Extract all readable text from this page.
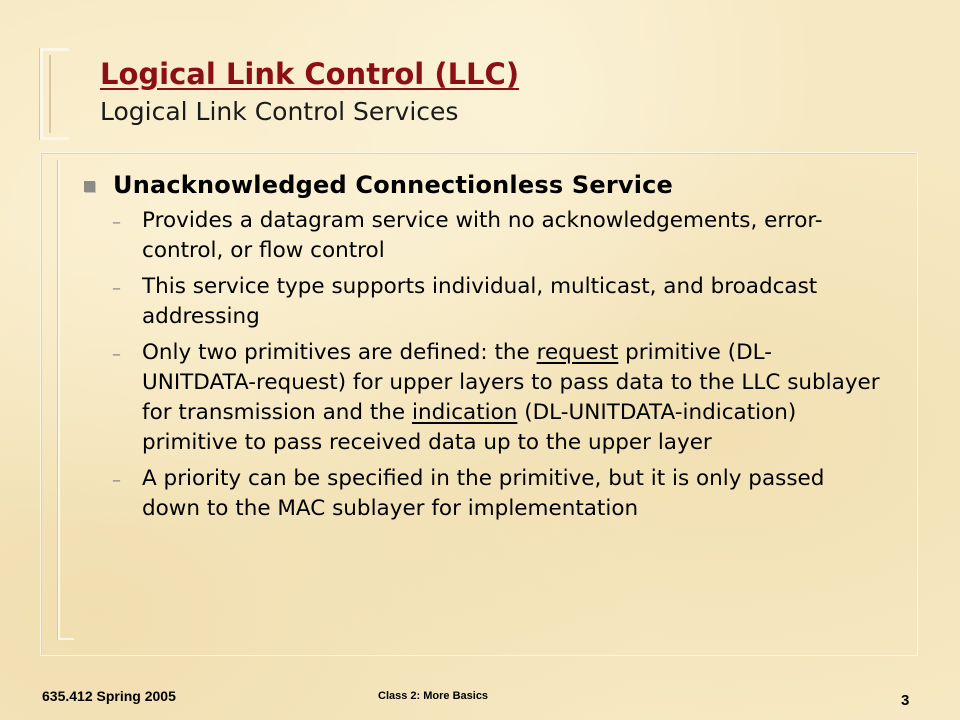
Logical Link Control (LLC)
Logical Link Control Services
Unacknowledged Connectionless Service
– Provides a datagram service with no acknowledgements, error-control, or flow control
– This service type supports individual, multicast, and broadcast addressing
– Only two primitives are defined: the request primitive (DL-UNITDATA-request) for upper layers to pass data to the LLC sublayer for transmission and the indication (DL-UNITDATA-indication) primitive to pass received data up to the upper layer
– A priority can be specified in the primitive, but it is only passed down to the MAC sublayer for implementation
635.412 Spring 2005	Class 2: More Basics	3
